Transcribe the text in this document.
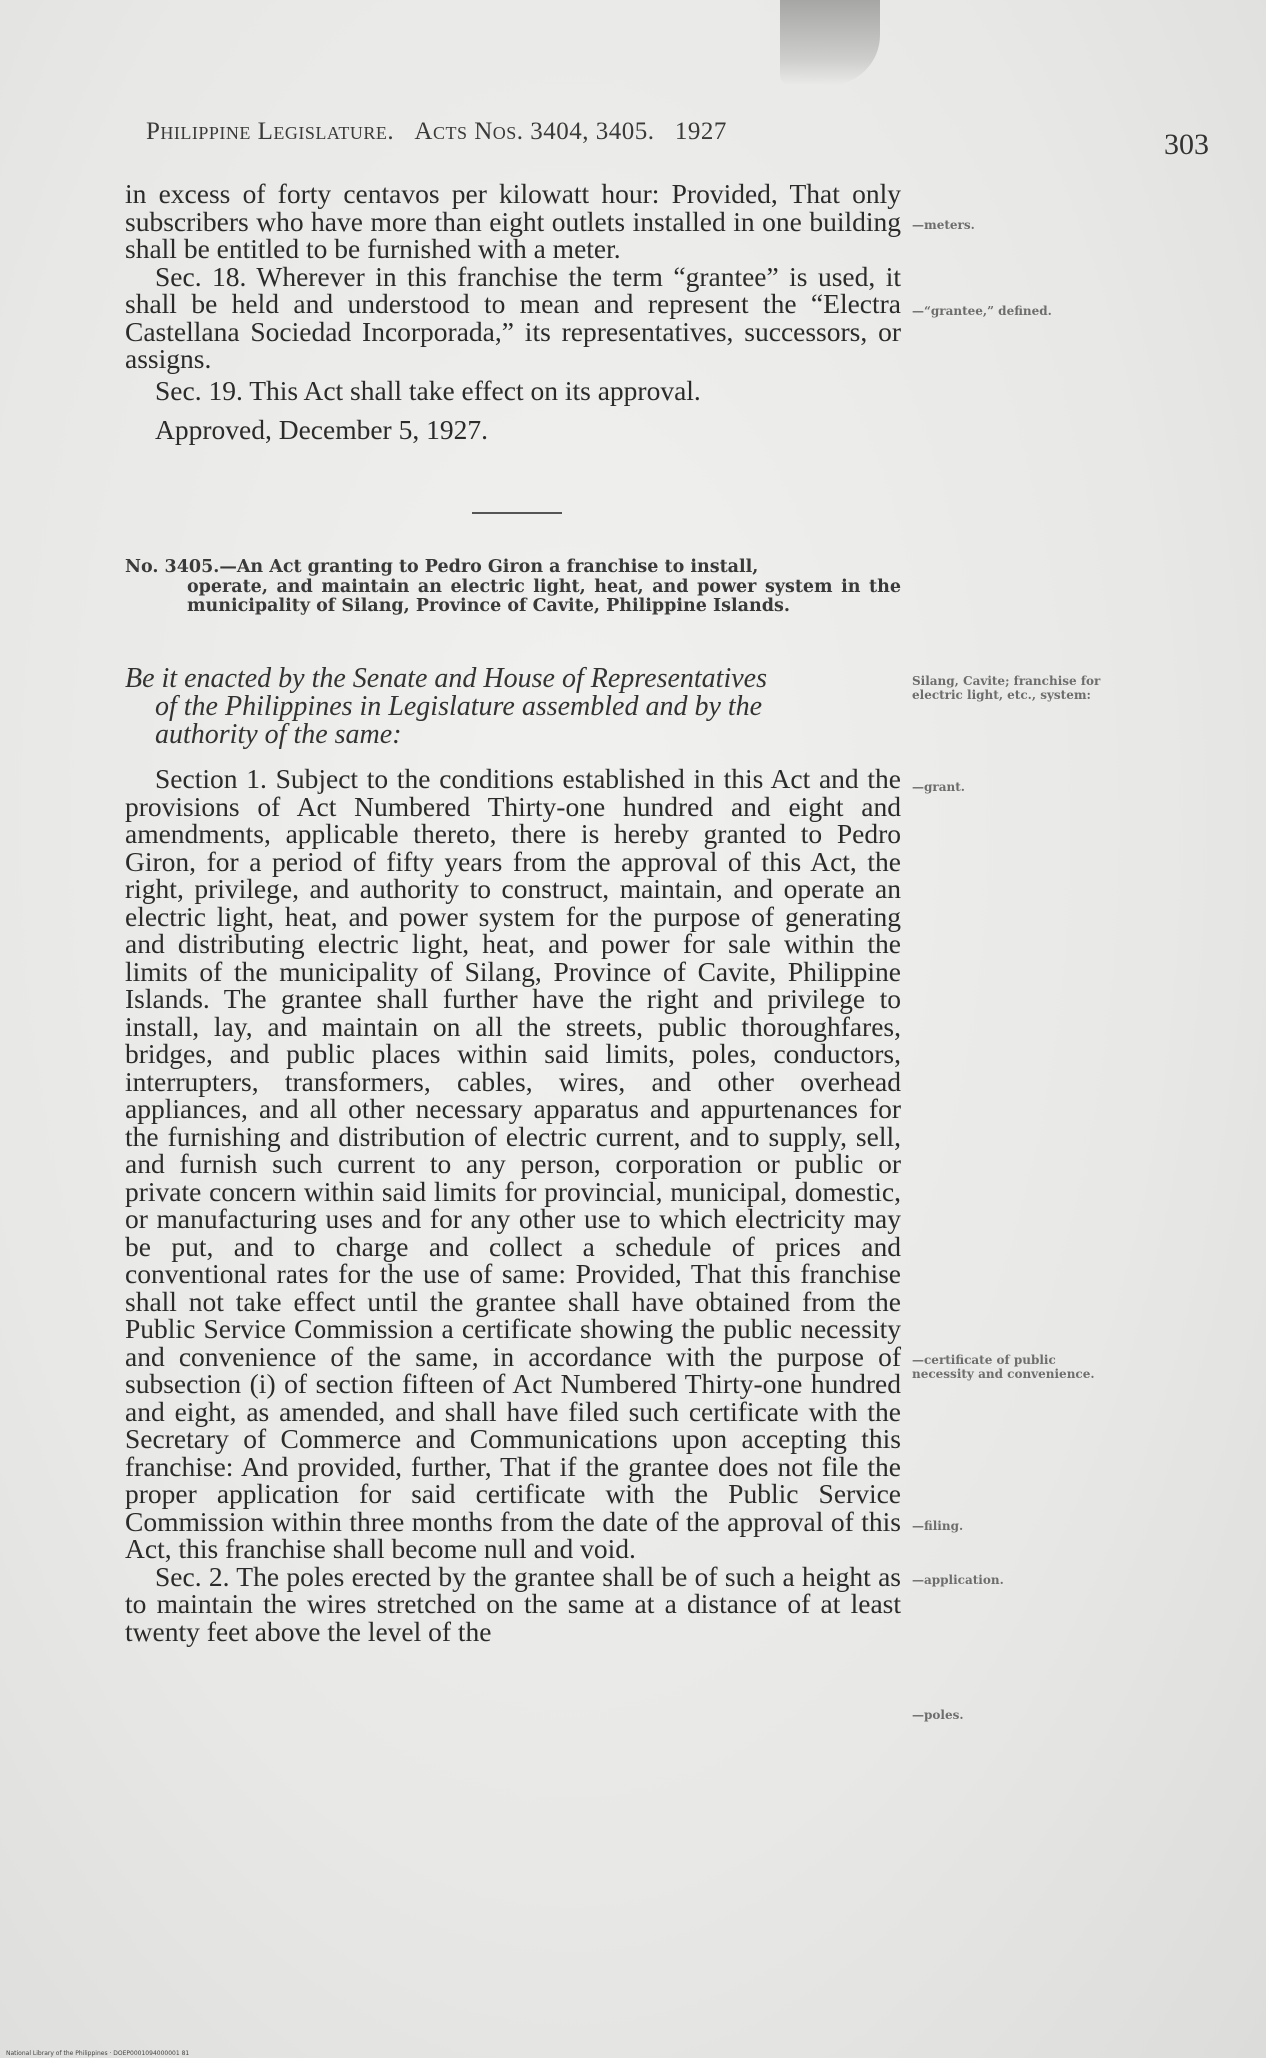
Philippine Legislature. Acts Nos. 3404, 3405. 1927	303

in excess of forty centavos per kilowatt hour: Provided, That only subscribers who have more than eight outlets installed in one building shall be entitled to be furnished with a meter.

Sec. 18. Wherever in this franchise the term “grantee” is used, it shall be held and understood to mean and represent the “Electra Castellana Sociedad Incorporada,” its representatives, successors, or assigns.

Sec. 19. This Act shall take effect on its approval.

Approved, December 5, 1927.

No. 3405.—An Act granting to Pedro Giron a franchise to install,
operate, and maintain an electric light, heat, and power system in the municipality of Silang, Province of Cavite, Philippine Islands.
Be it enacted by the Senate and House of Representatives
of the Philippines in Legislature assembled and by the
authority of the same:

Section 1. Subject to the conditions established in this Act and the provisions of Act Numbered Thirty-one hundred and eight and amendments, applicable thereto, there is hereby granted to Pedro Giron, for a period of fifty years from the approval of this Act, the right, privilege, and authority to construct, maintain, and operate an electric light, heat, and power system for the purpose of generating and distributing electric light, heat, and power for sale within the limits of the municipality of Silang, Province of Cavite, Philippine Islands. The grantee shall further have the right and privilege to install, lay, and maintain on all the streets, public thoroughfares, bridges, and public places within said limits, poles, conductors, interrupters, transformers, cables, wires, and other overhead appliances, and all other necessary apparatus and appurtenances for the furnishing and distribution of electric current, and to supply, sell, and furnish such current to any person, corporation or public or private concern within said limits for provincial, municipal, domestic, or manufacturing uses and for any other use to which electricity may be put, and to charge and collect a schedule of prices and conventional rates for the use of same: Provided, That this franchise shall not take effect until the grantee shall have obtained from the Public Service Commission a certificate showing the public necessity and convenience of the same, in accordance with the purpose of subsection (i) of section fifteen of Act Numbered Thirty-one hundred and eight, as amended, and shall have filed such certificate with the Secretary of Commerce and Communications upon accepting this franchise: And provided, further, That if the grantee does not file the proper application for said certificate with the Public Service Commission within three months from the date of the approval of this Act, this franchise shall become null and void.

Sec. 2. The poles erected by the grantee shall be of such a height as to maintain the wires stretched on the same at a distance of at least twenty feet above the level of the

—meters.
—“grantee,” defined.
Silang, Cavite; franchise for electric light, etc., system:
—grant.
—certificate of public necessity and convenience.
—filing.
—application.
—poles.
National Library of the Philippines · DOEP0001094000001 81
